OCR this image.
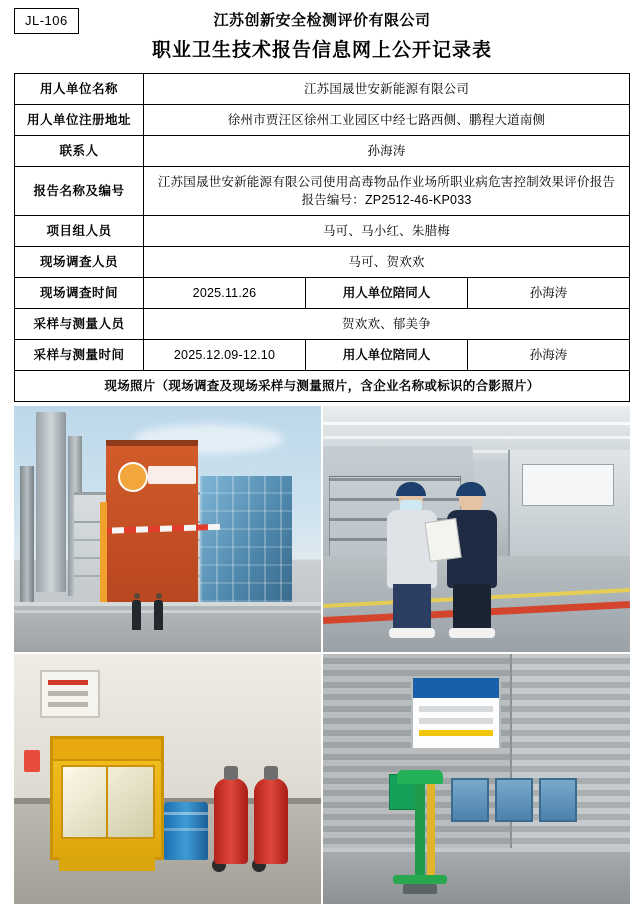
JL-106	江苏创新安全检测评价有限公司
职业卫生技术报告信息网上公开记录表
用人单位名称	江苏国晟世安新能源有限公司		
用人单位注册地址	徐州市贾汪区徐州工业园区中经七路西侧、鹏程大道南侧		
联系人	孙海涛		
报告名称及编号	江苏国晟世安新能源有限公司使用高毒物品作业场所职业病危害控制效果评价报告
报告编号：ZP2512-46-KP033		

项目组人员	马可、马小红、朱腊梅		
现场调查人员	马可、贺欢欢		
现场调查时间	2025.11.26	用人单位陪同人	孙海涛
采样与测量人员	贺欢欢、郁美争		
采样与测量时间	2025.12.09-12.10	用人单位陪同人	孙海涛
现场照片（现场调查及现场采样与测量照片，含企业名称或标识的合影照片）			
